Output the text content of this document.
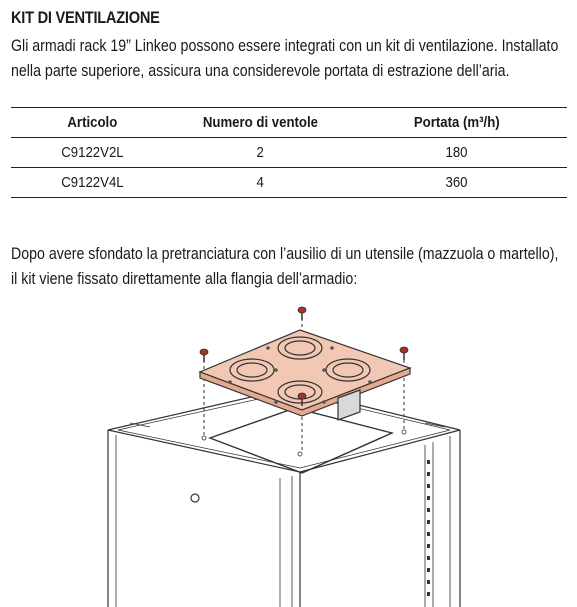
KIT DI VENTILAZIONE
Gli armadi rack 19” Linkeo possono essere integrati con un kit di ventilazione. Installato
nella parte superiore, assicura una considerevole portata di estrazione dell’aria.
Articolo	Numero di ventole	Portata (m³/h)
C9122V2L	2	180
C9122V4L	4	360
Dopo avere sfondato la pretranciatura con l’ausilio di un utensile (mazzuola o martello),
il kit viene fissato direttamente alla flangia dell’armadio:
